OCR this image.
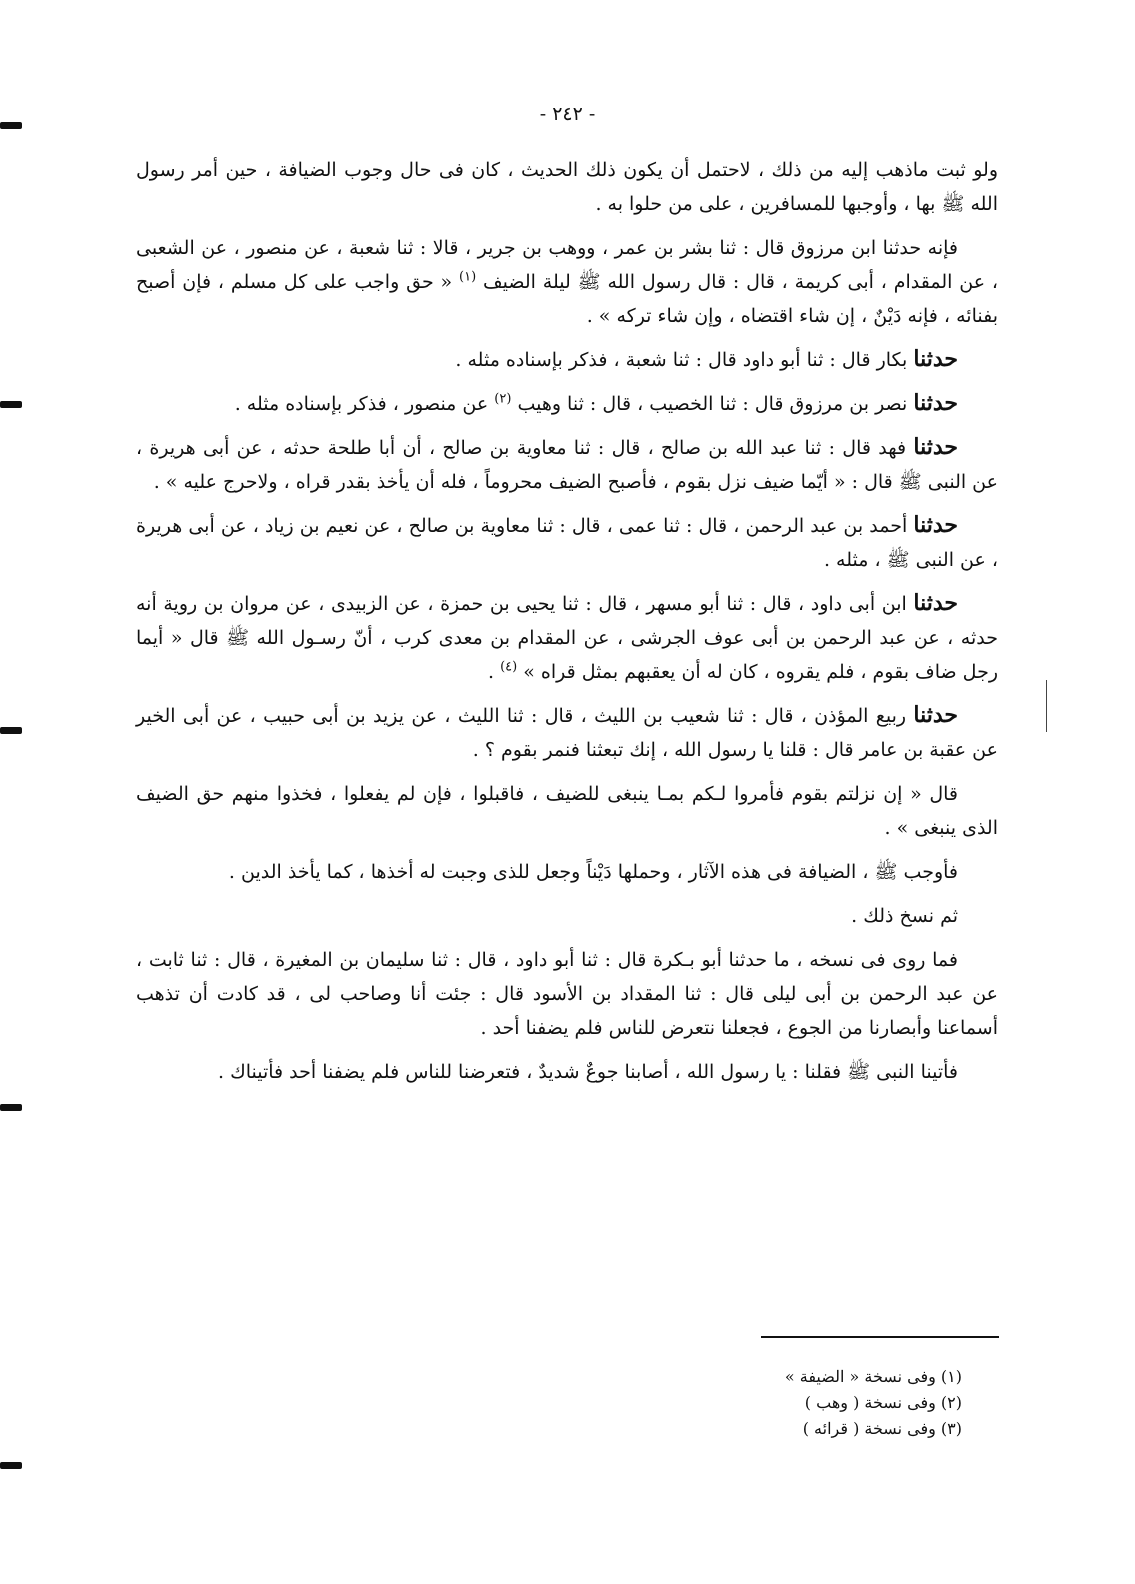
- ٢٤٢ -

ولو ثبت ماذهب إليه من ذلك ، لاحتمل أن يكون ذلك الحديث ، كان فى حال وجوب الضيافة ، حين أمر رسول الله ﷺ بها ، وأوجبها للمسافرين ، على من حلوا به .

فإنه حدثنا ابن مرزوق قال : ثنا بشر بن عمر ، ووهب بن جرير ، قالا : ثنا شعبة ، عن منصور ، عن الشعبى ، عن المقدام ، أبى كريمة ، قال : قال رسول الله ﷺ ليلة الضيف $^{(١)}$ « حق واجب على كل مسلم ، فإن أصبح بفنائه ، فإنه دَيْنٌ ، إن شاء اقتضاه ، وإن شاء تركه » .

حدثنا بكار قال : ثنا أبو داود قال : ثنا شعبة ، فذكر بإسناده مثله .

حدثنا نصر بن مرزوق قال : ثنا الخصيب ، قال : ثنا وهيب $^{(٢)}$ عن منصور ، فذكر بإسناده مثله .

حدثنا فهد قال : ثنا عبد الله بن صالح ، قال : ثنا معاوية بن صالح ، أن أبا طلحة حدثه ، عن أبى هريرة ، عن النبى ﷺ قال : « أيّما ضيف نزل بقوم ، فأصبح الضيف محروماً ، فله أن يأخذ بقدر قراه ، ولاحرج عليه » .

حدثنا أحمد بن عبد الرحمن ، قال : ثنا عمى ، قال : ثنا معاوية بن صالح ، عن نعيم بن زياد ، عن أبى هريرة ، عن النبى ﷺ ، مثله .

حدثنا ابن أبى داود ، قال : ثنا أبو مسهر ، قال : ثنا يحيى بن حمزة ، عن الزبيدى ، عن مروان بن روية أنه حدثه ، عن عبد الرحمن بن أبى عوف الجرشى ، عن المقدام بن معدى كرب ، أنّ رسـول الله ﷺ قال « أيما رجل ضاف بقوم ، فلم يقروه ، كان له أن يعقبهم بمثل قراه » $^{(٤)}$ .

حدثنا ربيع المؤذن ، قال : ثنا شعيب بن الليث ، قال : ثنا الليث ، عن يزيد بن أبى حبيب ، عن أبى الخير عن عقبة بن عامر قال : قلنا يا رسول الله ، إنك تبعثنا فنمر بقوم ؟ .

قال « إن نزلتم بقوم فأمروا لـكم بمـا ينبغى للضيف ، فاقبلوا ، فإن لم يفعلوا ، فخذوا منهم حق الضيف الذى ينبغى » .

فأوجب ﷺ ، الضيافة فى هذه الآثار ، وحملها دَيْناً وجعل للذى وجبت له أخذها ، كما يأخذ الدين .

ثم نسخ ذلك .

فما روى فى نسخه ، ما حدثنا أبو بـكرة قال : ثنا أبو داود ، قال : ثنا سليمان بن المغيرة ، قال : ثنا ثابت ، عن عبد الرحمن بن أبى ليلى قال : ثنا المقداد بن الأسود قال : جئت أنا وصاحب لى ، قد كادت أن تذهب أسماعنا وأبصارنا من الجوع ، فجعلنا نتعرض للناس فلم يضفنا أحد .

فأتينا النبى ﷺ فقلنا : يا رسول الله ، أصابنا جوعٌ شديدٌ ، فتعرضنا للناس فلم يضفنا أحد فأتيناك .

(١) وفى نسخة « الضيفة »

(٢) وفى نسخة ( وهب )

(٣) وفى نسخة ( قرائه )
